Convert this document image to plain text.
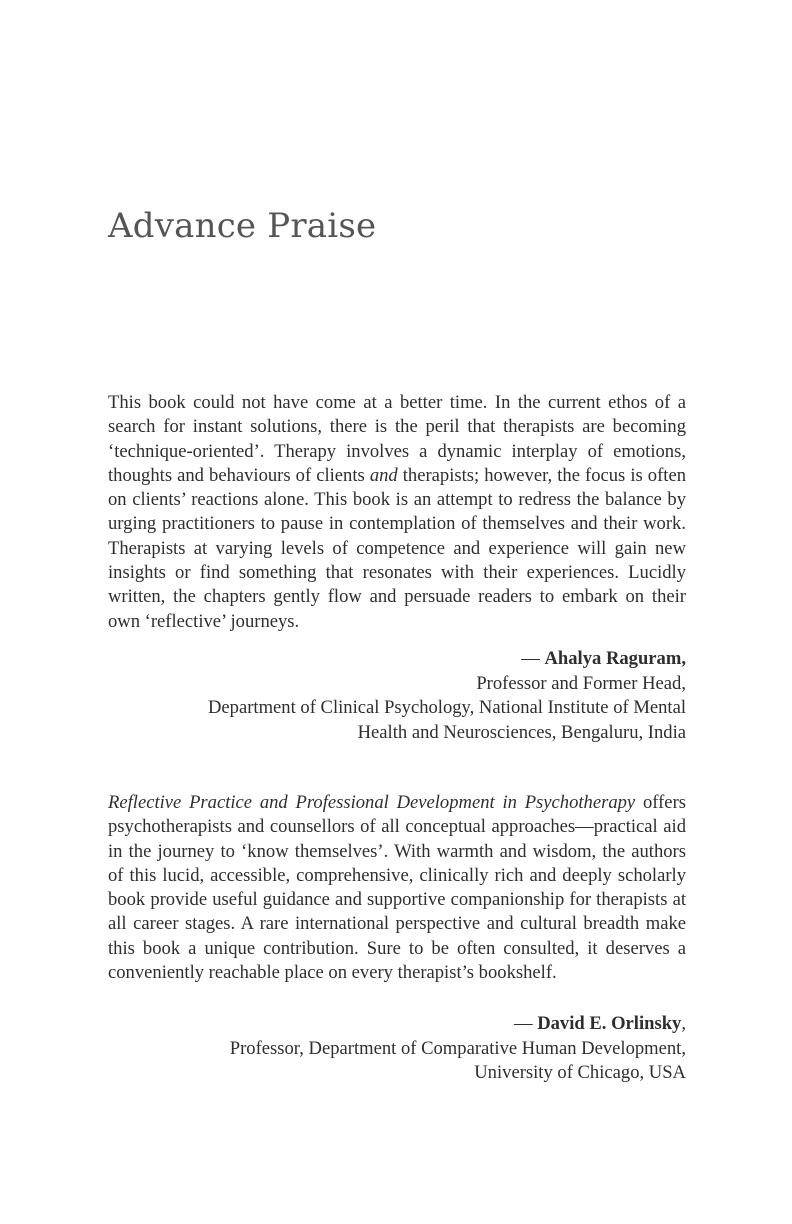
Advance Praise

This book could not have come at a better time. In the current ethos of a search for instant solutions, there is the peril that therapists are becoming ‘technique-oriented’. Therapy involves a dynamic interplay of emotions, thoughts and behaviours of clients and therapists; however, the focus is often on clients’ reactions alone. This book is an attempt to redress the balance by urging practitioners to pause in contemplation of themselves and their work. Therapists at varying levels of competence and experience will gain new insights or find something that resonates with their experiences. Lucidly written, the chapters gently flow and persuade readers to embark on their own ‘reflective’ journeys.

— Ahalya Raguram,
Professor and Former Head,
Department of Clinical Psychology, National Institute of Mental
Health and Neurosciences, Bengaluru, India

Reflective Practice and Professional Development in Psychotherapy offers psychotherapists and counsellors of all conceptual approaches—practical aid in the journey to ‘know themselves’. With warmth and wisdom, the authors of this lucid, accessible, comprehensive, clinically rich and deeply scholarly book provide useful guidance and supportive companionship for therapists at all career stages. A rare international perspective and cultural breadth make this book a unique contribution. Sure to be often consulted, it deserves a conveniently reachable place on every therapist’s bookshelf.

— David E. Orlinsky,
Professor, Department of Comparative Human Development,
University of Chicago, USA
